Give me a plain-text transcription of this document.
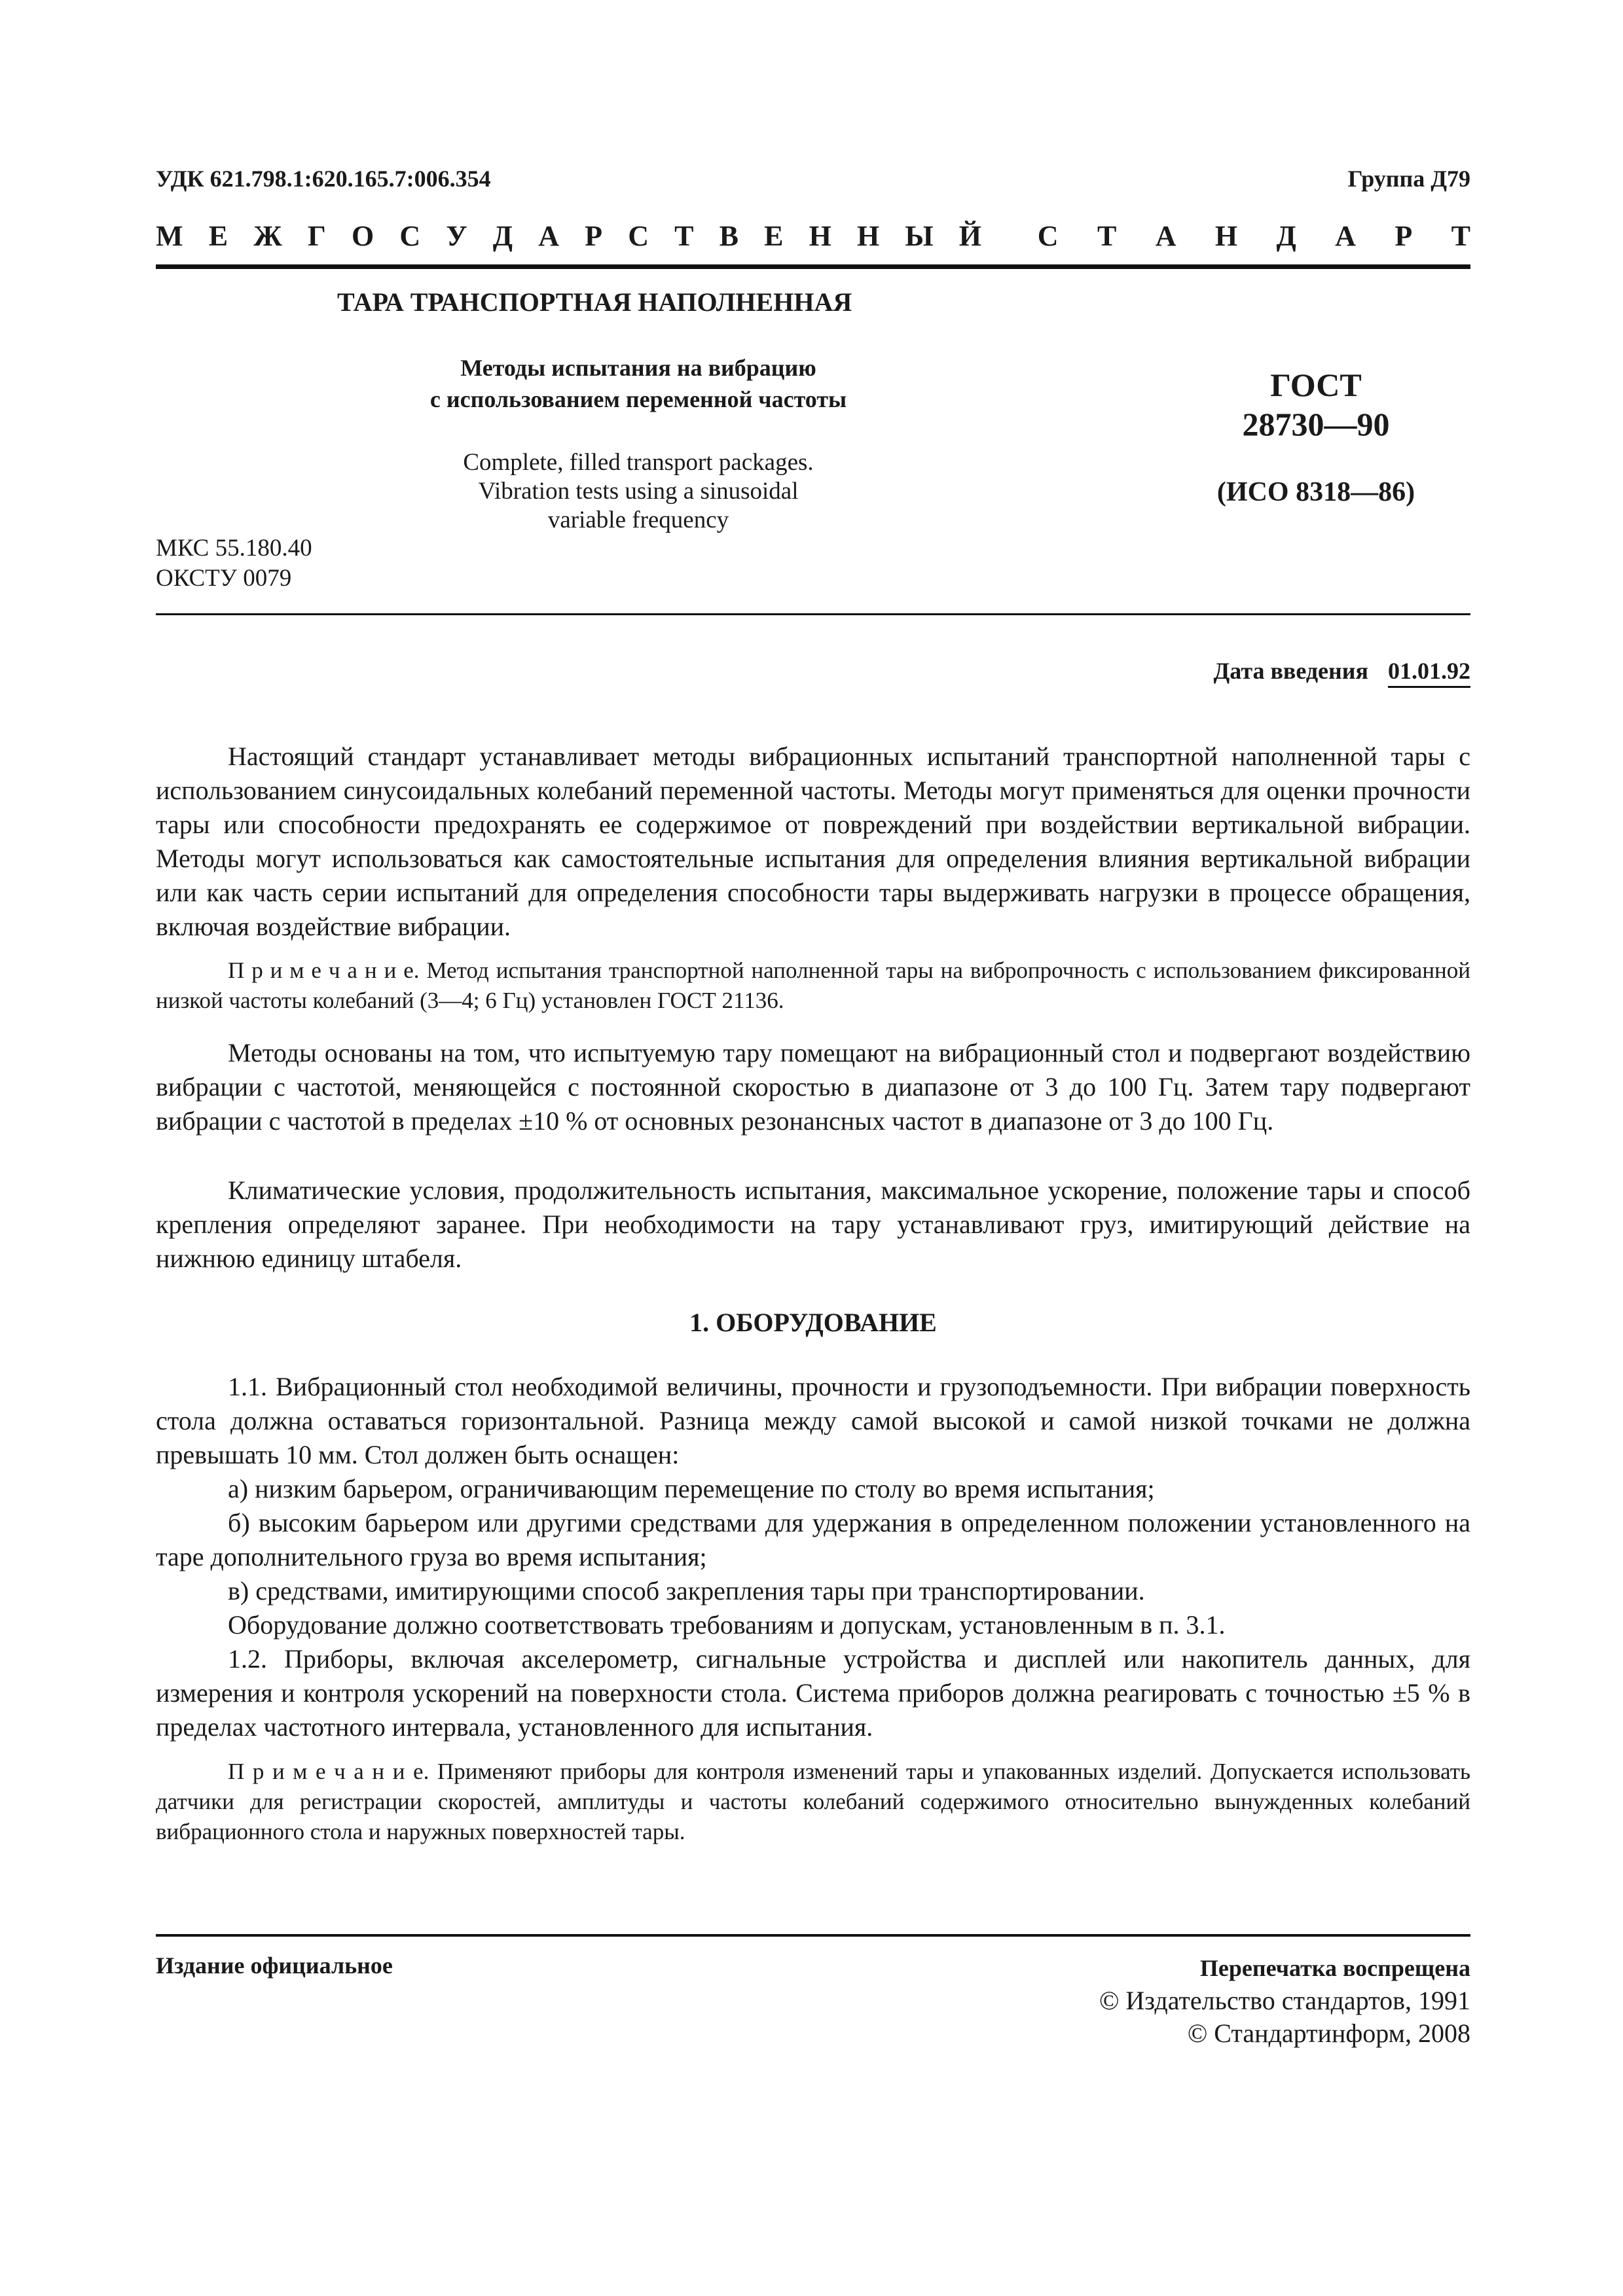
УДК 621.798.1:620.165.7:006.354	Группа Д79
М Е Ж Г О С У Д А Р С Т В Е Н Н Ы Й С Т А Н Д А Р Т
ТАРА ТРАНСПОРТНАЯ НАПОЛНЕННАЯ
Методы испытания на вибрацию
с использованием переменной частоты
Complete, filled transport packages.
Vibration tests using a sinusoidal
variable frequency
ГОСТ
28730—90
(ИСО 8318—86)
МКС 55.180.40
ОКСТУ 0079
Дата введения 01.01.92

Настоящий стандарт устанавливает методы вибрационных испытаний транспортной наполненной тары с использованием синусоидальных колебаний переменной частоты. Методы могут применяться для оценки прочности тары или способности предохранять ее содержимое от повреждений при воздействии вертикальной вибрации. Методы могут использоваться как самостоятельные испытания для определения влияния вертикальной вибрации или как часть серии испытаний для определения способности тары выдерживать нагрузки в процессе обращения, включая воздействие вибрации.

П р и м е ч а н и е. Метод испытания транспортной наполненной тары на вибропрочность с использованием фиксированной низкой частоты колебаний (3—4; 6 Гц) установлен ГОСТ 21136.

Методы основаны на том, что испытуемую тару помещают на вибрационный стол и подвергают воздействию вибрации с частотой, меняющейся с постоянной скоростью в диапазоне от 3 до 100 Гц. Затем тару подвергают вибрации с частотой в пределах ±10 % от основных резонансных частот в диапазоне от 3 до 100 Гц.

Климатические условия, продолжительность испытания, максимальное ускорение, положение тары и способ крепления определяют заранее. При необходимости на тару устанавливают груз, имитирующий действие на нижнюю единицу штабеля.

1. ОБОРУДОВАНИЕ

1.1. Вибрационный стол необходимой величины, прочности и грузоподъемности. При вибрации поверхность стола должна оставаться горизонтальной. Разница между самой высокой и самой низкой точками не должна превышать 10 мм. Стол должен быть оснащен:

а) низким барьером, ограничивающим перемещение по столу во время испытания;

б) высоким барьером или другими средствами для удержания в определенном положении установленного на таре дополнительного груза во время испытания;

в) средствами, имитирующими способ закрепления тары при транспортировании.

Оборудование должно соответствовать требованиям и допускам, установленным в п. 3.1.

1.2. Приборы, включая акселерометр, сигнальные устройства и дисплей или накопитель данных, для измерения и контроля ускорений на поверхности стола. Система приборов должна реагировать с точностью ±5 % в пределах частотного интервала, установленного для испытания.

П р и м е ч а н и е. Применяют приборы для контроля изменений тары и упакованных изделий. Допускается использовать датчики для регистрации скоростей, амплитуды и частоты колебаний содержимого относительно вынужденных колебаний вибрационного стола и наружных поверхностей тары.

Издание официальное	Перепечатка воспрещена
© Издательство стандартов, 1991
© Стандартинформ, 2008
